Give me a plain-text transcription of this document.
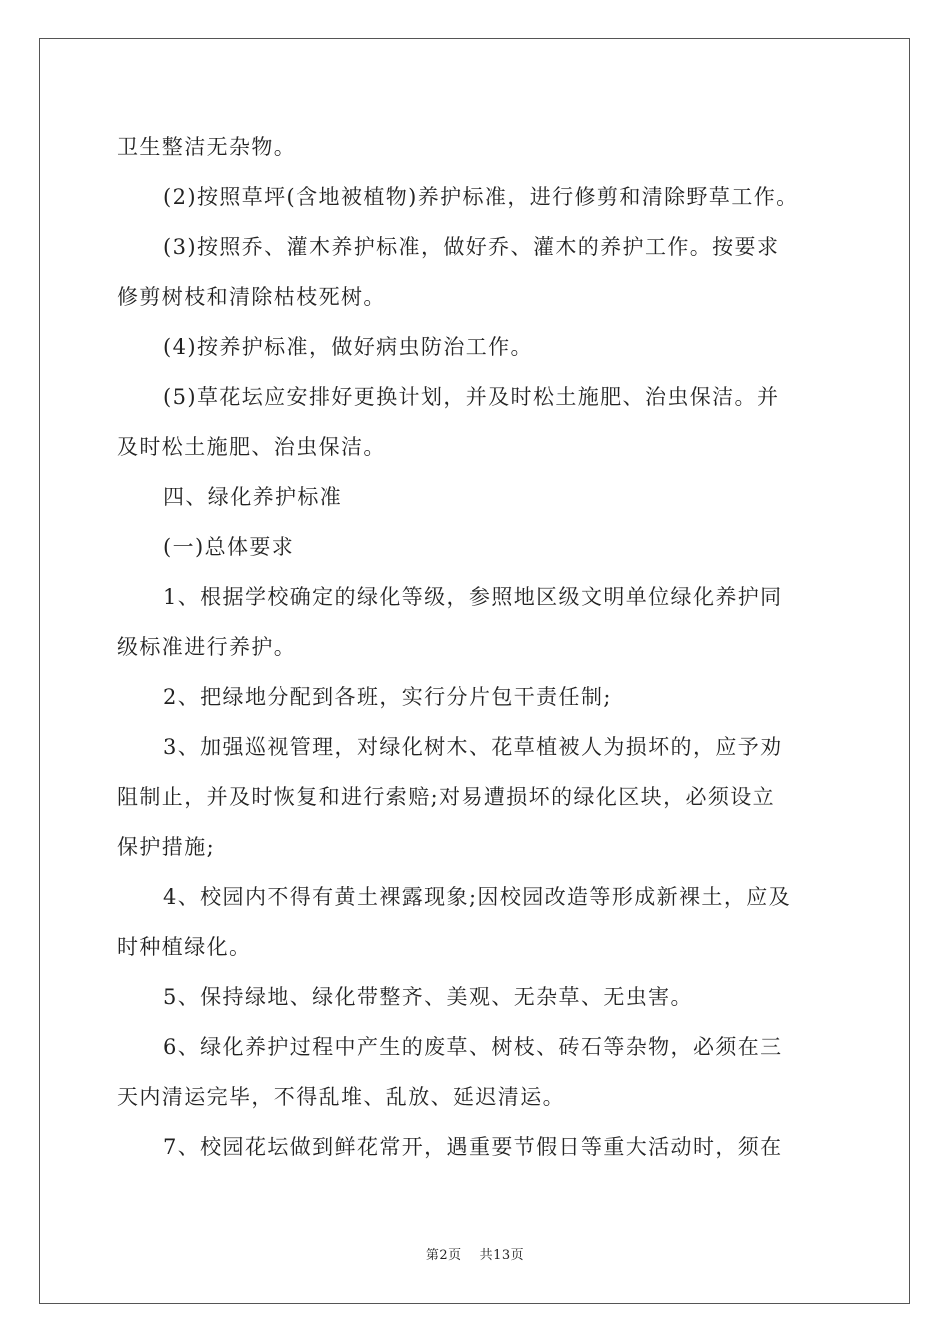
卫生整洁无杂物。
(2)按照草坪(含地被植物)养护标准，进行修剪和清除野草工作。
(3)按照乔、灌木养护标准，做好乔、灌木的养护工作。按要求
修剪树枝和清除枯枝死树。
(4)按养护标准，做好病虫防治工作。
(5)草花坛应安排好更换计划，并及时松土施肥、治虫保洁。并
及时松土施肥、治虫保洁。
四、绿化养护标准
(一)总体要求
1、根据学校确定的绿化等级，参照地区级文明单位绿化养护同
级标准进行养护。
2、把绿地分配到各班，实行分片包干责任制;
3、加强巡视管理，对绿化树木、花草植被人为损坏的，应予劝
阻制止，并及时恢复和进行索赔;对易遭损坏的绿化区块，必须设立
保护措施;
4、校园内不得有黄土裸露现象;因校园改造等形成新裸土，应及
时种植绿化。
5、保持绿地、绿化带整齐、美观、无杂草、无虫害。
6、绿化养护过程中产生的废草、树枝、砖石等杂物，必须在三
天内清运完毕，不得乱堆、乱放、延迟清运。
7、校园花坛做到鲜花常开，遇重要节假日等重大活动时，须在
第2页 共13页
